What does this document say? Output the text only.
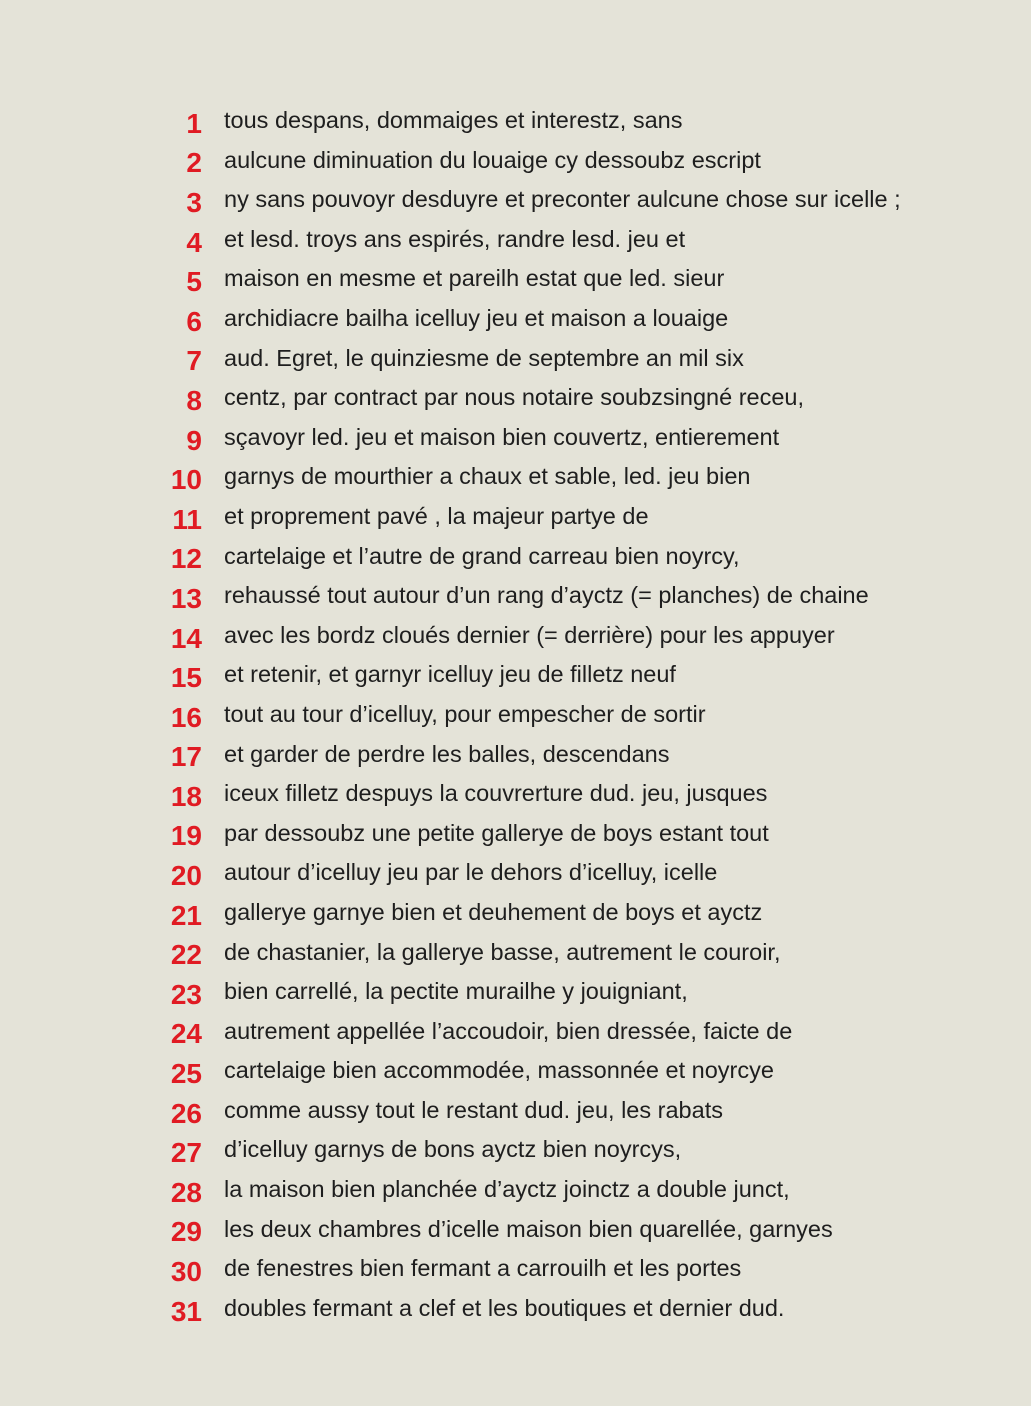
1 tous despans, dommaiges et interestz, sans
2 aulcune diminuation du louaige cy dessoubz escript
3 ny sans pouvoyr desduyre et preconter aulcune chose sur icelle ;
4 et lesd. troys ans espirés, randre lesd. jeu et
5 maison en mesme et pareilh estat que led. sieur
6 archidiacre bailha icelluy jeu et maison a louaige
7 aud. Egret, le quinziesme de septembre an mil six
8 centz, par contract par nous notaire soubzsingné receu,
9 sçavoyr led. jeu et maison bien couvertz, entierement
10 garnys de mourthier a chaux et sable, led. jeu bien
11 et proprement pavé , la majeur partye de
12 cartelaige et l’autre de grand carreau bien noyrcy,
13 rehaussé tout autour d’un rang d’ayctz (= planches) de chaine
14 avec les bordz cloués dernier (= derrière) pour les appuyer
15 et retenir, et garnyr icelluy jeu de filletz neuf
16 tout au tour d’icelluy, pour empescher de sortir
17 et garder de perdre les balles, descendans
18 iceux filletz despuys la couvrerture dud. jeu, jusques
19 par dessoubz une petite gallerye de boys estant tout
20 autour d’icelluy jeu par le dehors d’icelluy, icelle
21 gallerye garnye bien et deuhement de boys et ayctz
22 de chastanier, la gallerye basse, autrement le couroir,
23 bien carrellé, la pectite murailhe y jouigniant,
24 autrement appellée l’accoudoir, bien dressée, faicte de
25 cartelaige bien accommodée, massonnée et noyrcye
26 comme aussy tout le restant dud. jeu, les rabats
27 d’icelluy garnys de bons ayctz bien noyrcys,
28 la maison bien planchée d’ayctz joinctz a double junct,
29 les deux chambres d’icelle maison bien quarellée, garnyes
30 de fenestres bien fermant a carrouilh et les portes
31 doubles fermant a clef et les boutiques et dernier dud.
